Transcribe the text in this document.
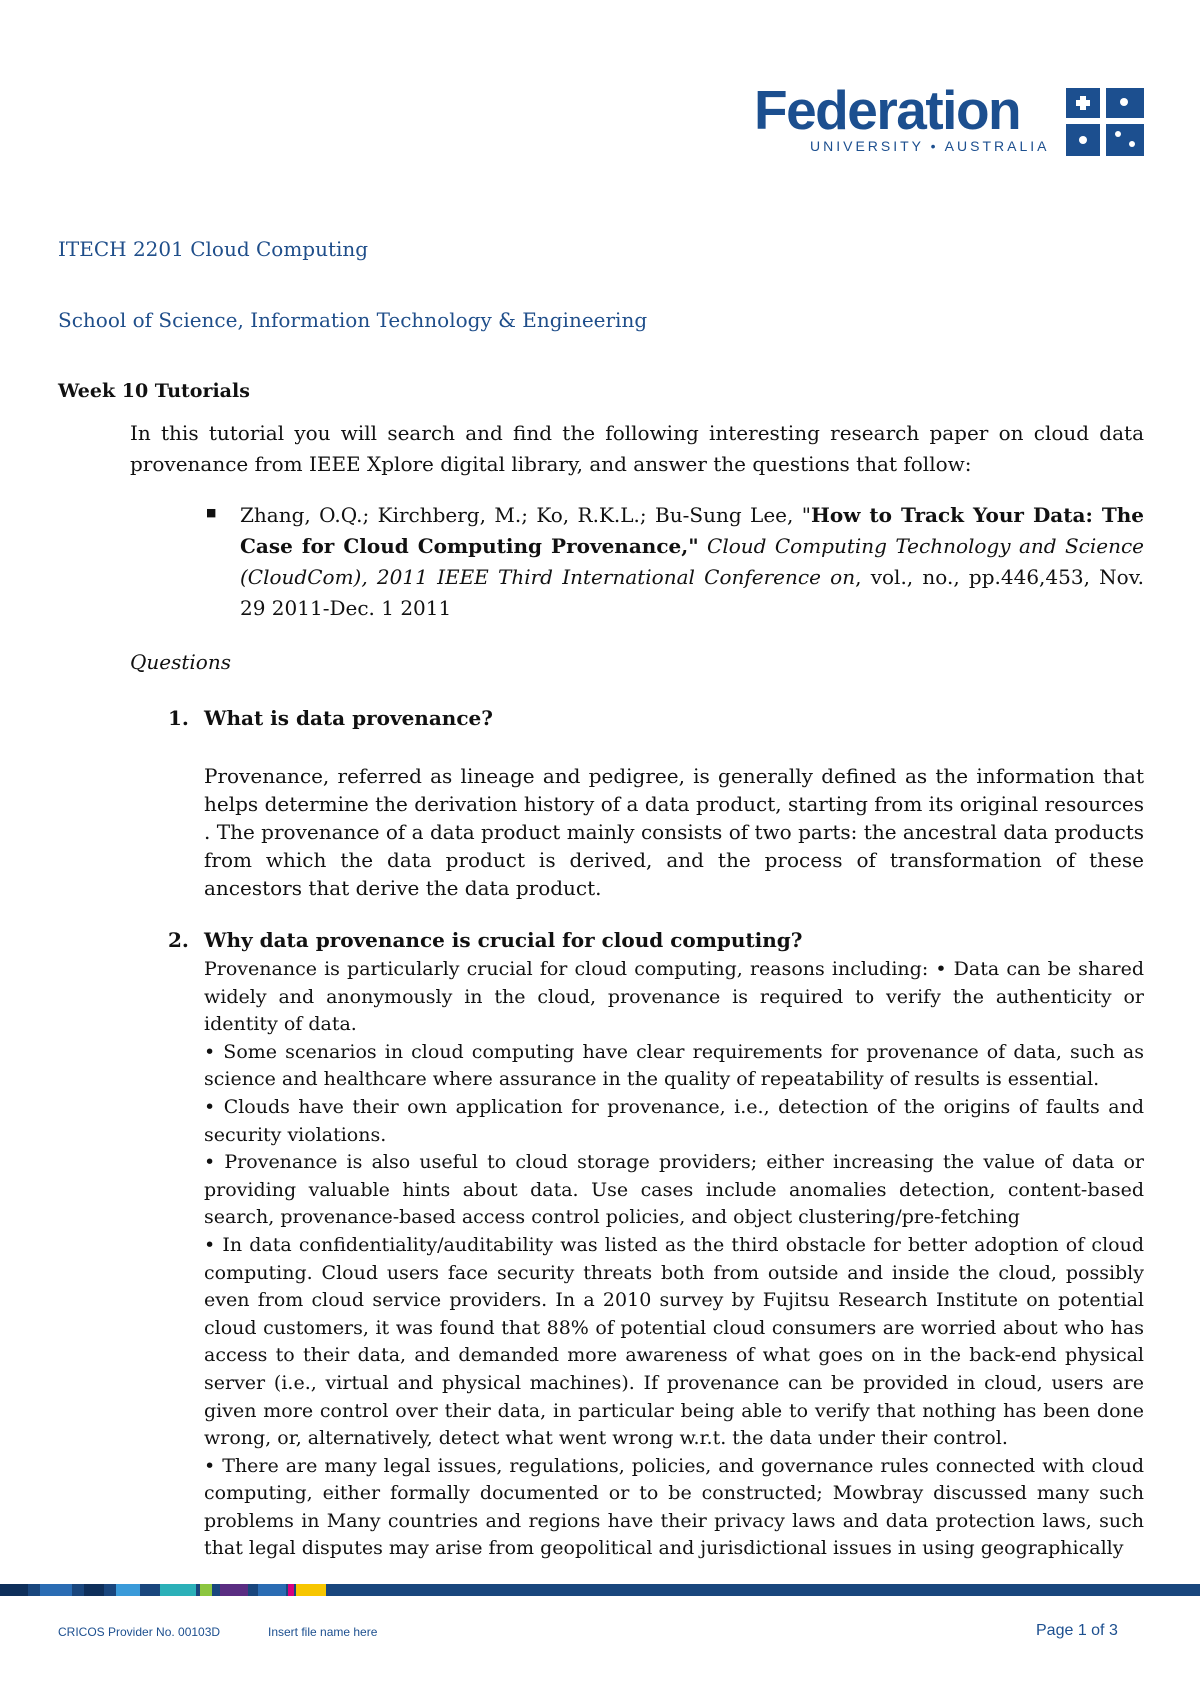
Federation
UNIVERSITY • AUSTRALIA
ITECH 2201 Cloud Computing
School of Science, Information Technology & Engineering
Week 10 Tutorials

In this tutorial you will search and find the following interesting research paper on cloud data provenance from IEEE Xplore digital library, and answer the questions that follow:

■ Zhang, O.Q.; Kirchberg, M.; Ko, R.K.L.; Bu-Sung Lee, "How to Track Your Data: The Case for Cloud Computing Provenance," Cloud Computing Technology and Science (CloudCom), 2011 IEEE Third International Conference on, vol., no., pp.446,453, Nov. 29 2011-Dec. 1 2011

Questions
1. What is data provenance?

Provenance, referred as lineage and pedigree, is generally defined as the information that helps determine the derivation history of a data product, starting from its original resources . The provenance of a data product mainly consists of two parts: the ancestral data products from which the data product is derived, and the process of transformation of these ancestors that derive the data product.

2. Why data provenance is crucial for cloud computing?
Provenance is particularly crucial for cloud computing, reasons including: • Data can be shared widely and anonymously in the cloud, provenance is required to verify the authenticity or identity of data.
• Some scenarios in cloud computing have clear requirements for provenance of data, such as science and healthcare where assurance in the quality of repeatability of results is essential.
• Clouds have their own application for provenance, i.e., detection of the origins of faults and security violations.
• Provenance is also useful to cloud storage providers; either increasing the value of data or providing valuable hints about data. Use cases include anomalies detection, content-based search, provenance-based access control policies, and object clustering/pre-fetching
• In data confidentiality/auditability was listed as the third obstacle for better adoption of cloud computing. Cloud users face security threats both from outside and inside the cloud, possibly even from cloud service providers. In a 2010 survey by Fujitsu Research Institute on potential cloud customers, it was found that 88% of potential cloud consumers are worried about who has access to their data, and demanded more awareness of what goes on in the back-end physical server (i.e., virtual and physical machines). If provenance can be provided in cloud, users are given more control over their data, in particular being able to verify that nothing has been done wrong, or, alternatively, detect what went wrong w.r.t. the data under their control.
• There are many legal issues, regulations, policies, and governance rules connected with cloud computing, either formally documented or to be constructed; Mowbray discussed many such problems in Many countries and regions have their privacy laws and data protection laws, such that legal disputes may arise from geopolitical and jurisdictional issues in using geographically
CRICOS Provider No. 00103D	Insert file name here	Page 1 of 3
